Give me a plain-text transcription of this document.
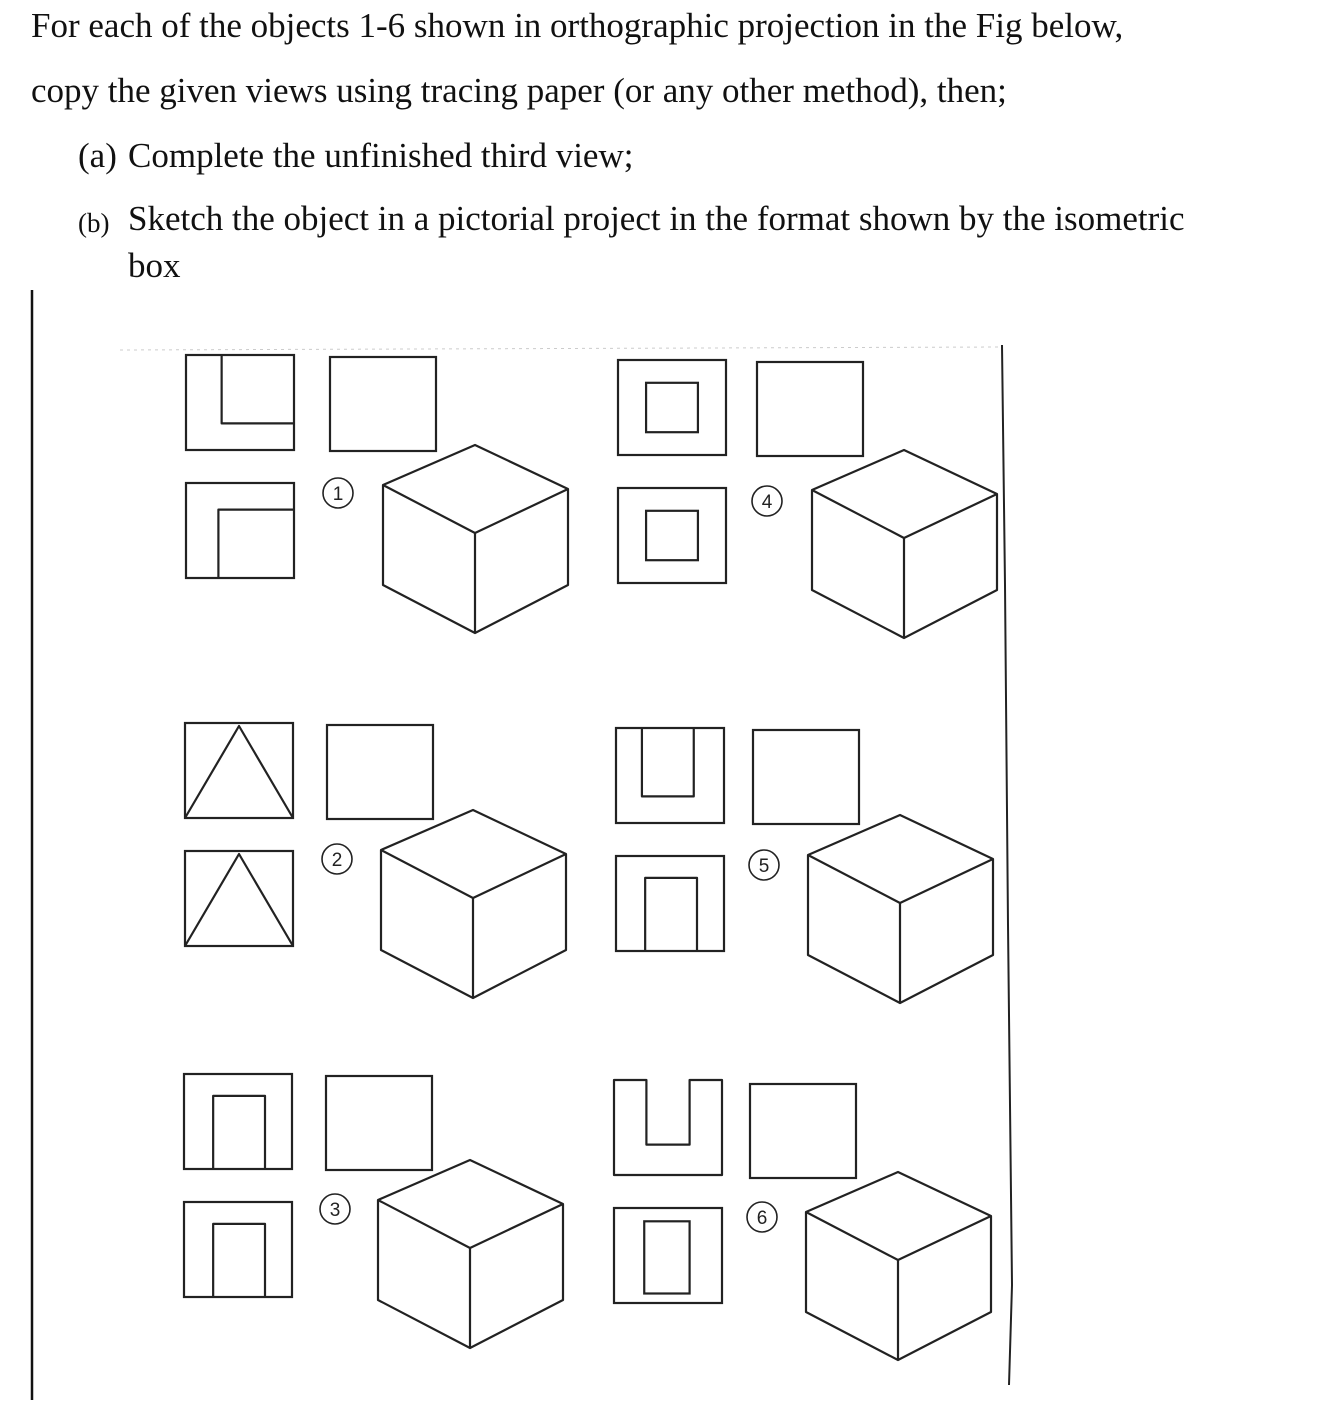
For each of the objects 1-6 shown in orthographic projection in the Fig below,
copy the given views using tracing paper (or any other method), then;
(a) Complete the unfinished third view;
(b) Sketch the object in a pictorial project in the format shown by the isometric
box
1
2
3
4
5
6
